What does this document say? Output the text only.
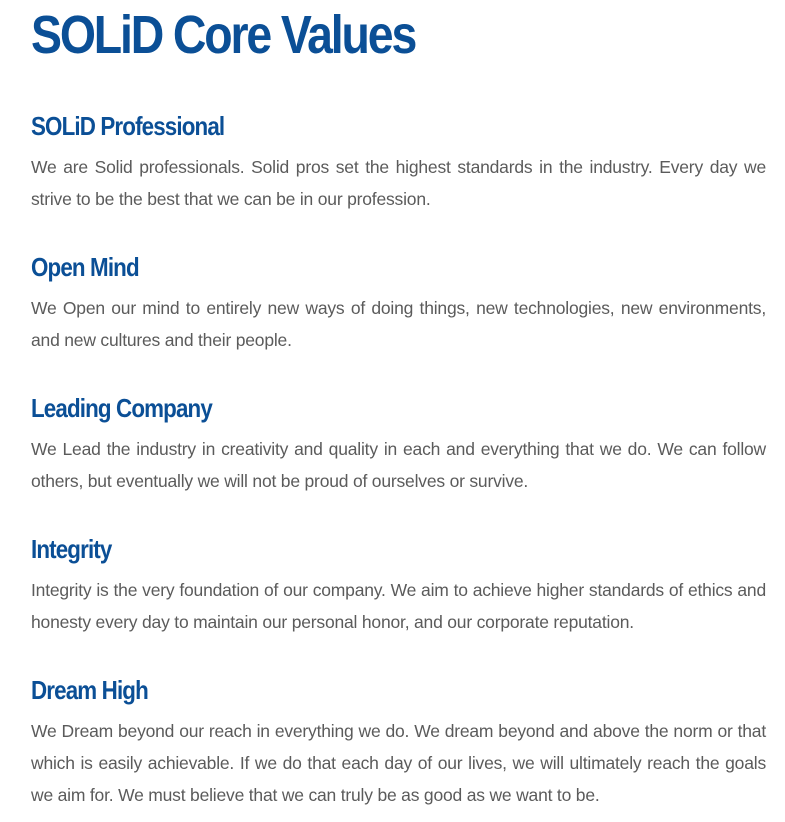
SOLiD Core Values
SOLiD Professional

We are Solid professionals. Solid pros set the highest standards in the industry. Every day we strive to be the best that we can be in our profession.

Open Mind

We Open our mind to entirely new ways of doing things, new technologies, new environments, and new cultures and their people.

Leading Company

We Lead the industry in creativity and quality in each and everything that we do. We can follow others, but eventually we will not be proud of ourselves or survive.

Integrity

Integrity is the very foundation of our company. We aim to achieve higher standards of ethics and honesty every day to maintain our personal honor, and our corporate reputation.

Dream High

We Dream beyond our reach in everything we do. We dream beyond and above the norm or that which is easily achievable. If we do that each day of our lives, we will ultimately reach the goals we aim for. We must believe that we can truly be as good as we want to be.
